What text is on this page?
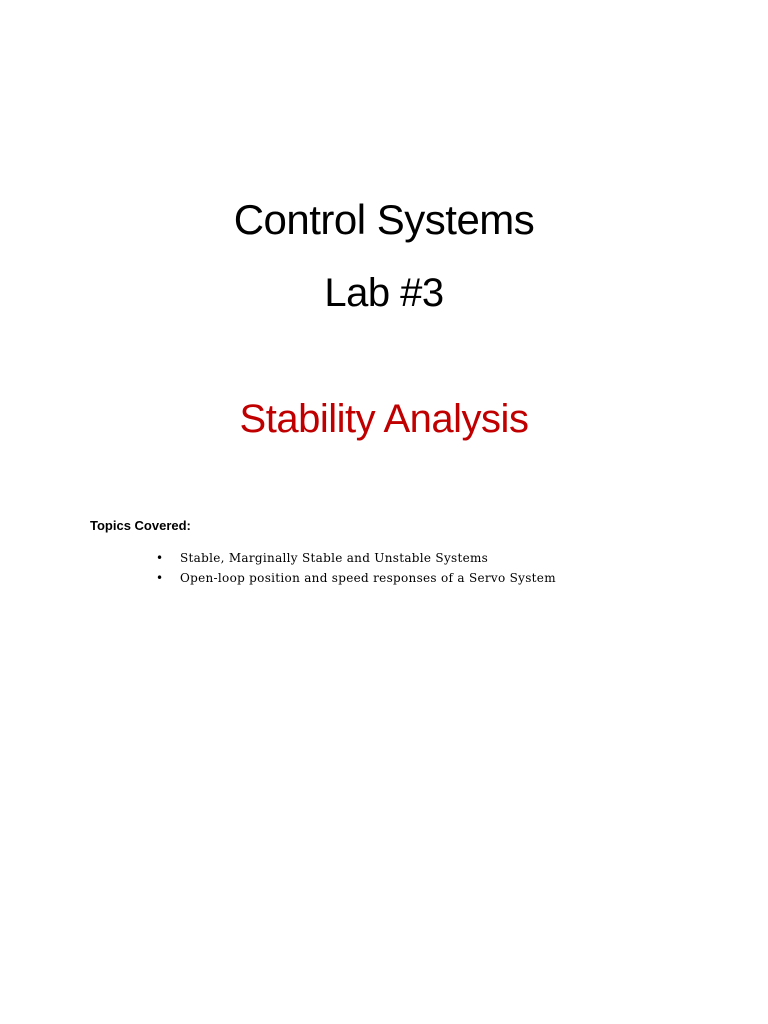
Control Systems
Lab #3
Stability Analysis
Topics Covered:
• Stable, Marginally Stable and Unstable Systems
• Open-loop position and speed responses of a Servo System
